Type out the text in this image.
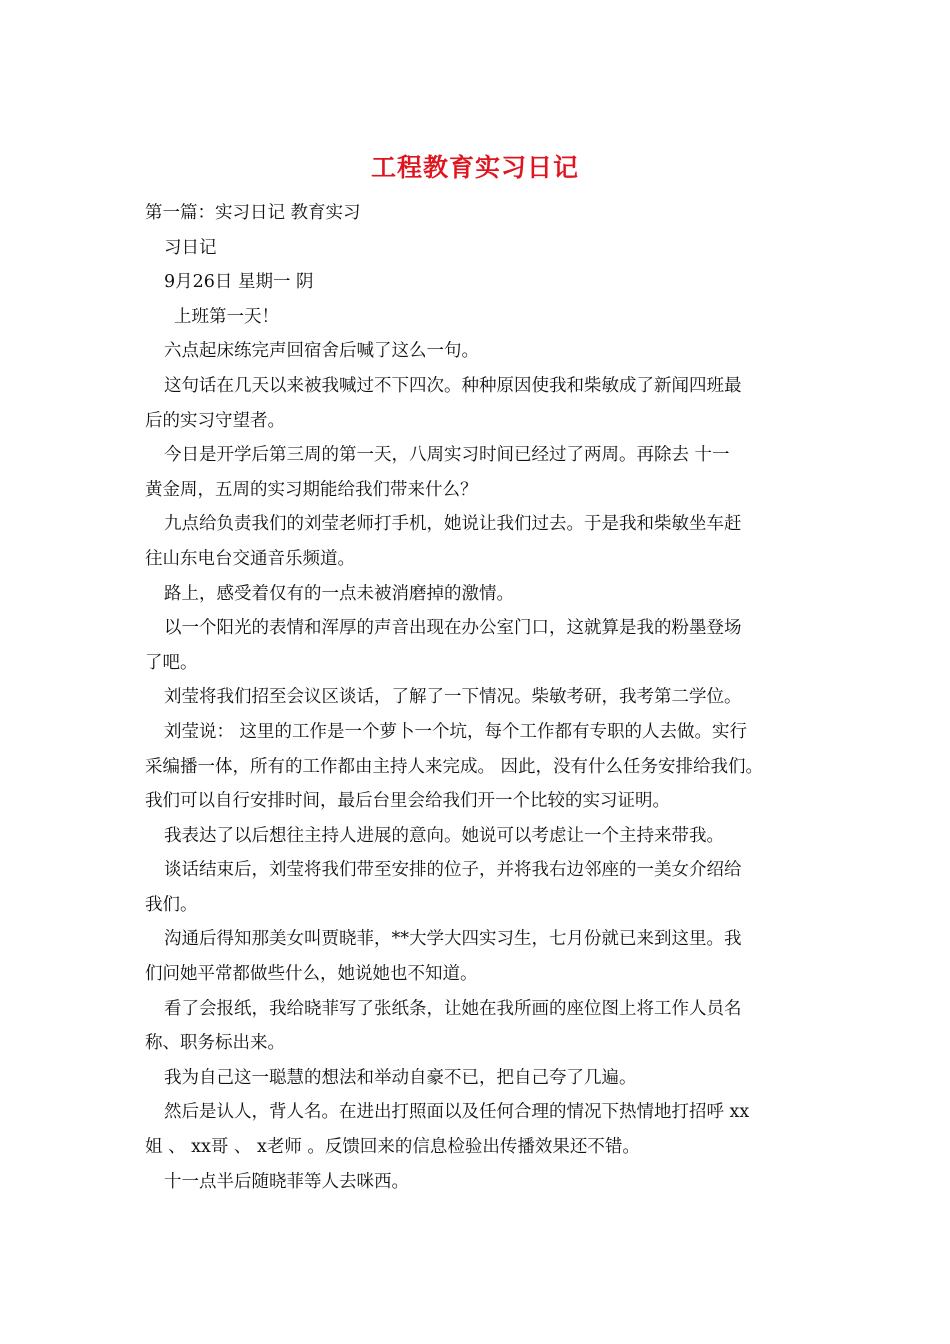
工程教育实习日记

第一篇：实习日记 教育实习

习日记

9月26日 星期一 阴

上班第一天！

六点起床练完声回宿舍后喊了这么一句。

这句话在几天以来被我喊过不下四次。种种原因使我和柴敏成了新闻四班最

后的实习守望者。

今日是开学后第三周的第一天，八周实习时间已经过了两周。再除去 十一

黄金周，五周的实习期能给我们带来什么？

九点给负责我们的刘莹老师打手机，她说让我们过去。于是我和柴敏坐车赶

往山东电台交通音乐频道。

路上，感受着仅有的一点未被消磨掉的激情。

以一个阳光的表情和浑厚的声音出现在办公室门口，这就算是我的粉墨登场

了吧。

刘莹将我们招至会议区谈话，了解了一下情况。柴敏考研，我考第二学位。

刘莹说： 这里的工作是一个萝卜一个坑，每个工作都有专职的人去做。实行

采编播一体，所有的工作都由主持人来完成。 因此，没有什么任务安排给我们。

我们可以自行安排时间，最后台里会给我们开一个比较的实习证明。

我表达了以后想往主持人进展的意向。她说可以考虑让一个主持来带我。

谈话结束后，刘莹将我们带至安排的位子，并将我右边邻座的一美女介绍给

我们。

沟通后得知那美女叫贾晓菲，**大学大四实习生，七月份就已来到这里。我

们问她平常都做些什么，她说她也不知道。

看了会报纸，我给晓菲写了张纸条，让她在我所画的座位图上将工作人员名

称、职务标出来。

我为自己这一聪慧的想法和举动自豪不已，把自己夸了几遍。

然后是认人，背人名。在进出打照面以及任何合理的情况下热情地打招呼 xx

姐 、 xx哥 、 x老师 。反馈回来的信息检验出传播效果还不错。

十一点半后随晓菲等人去咪西。
